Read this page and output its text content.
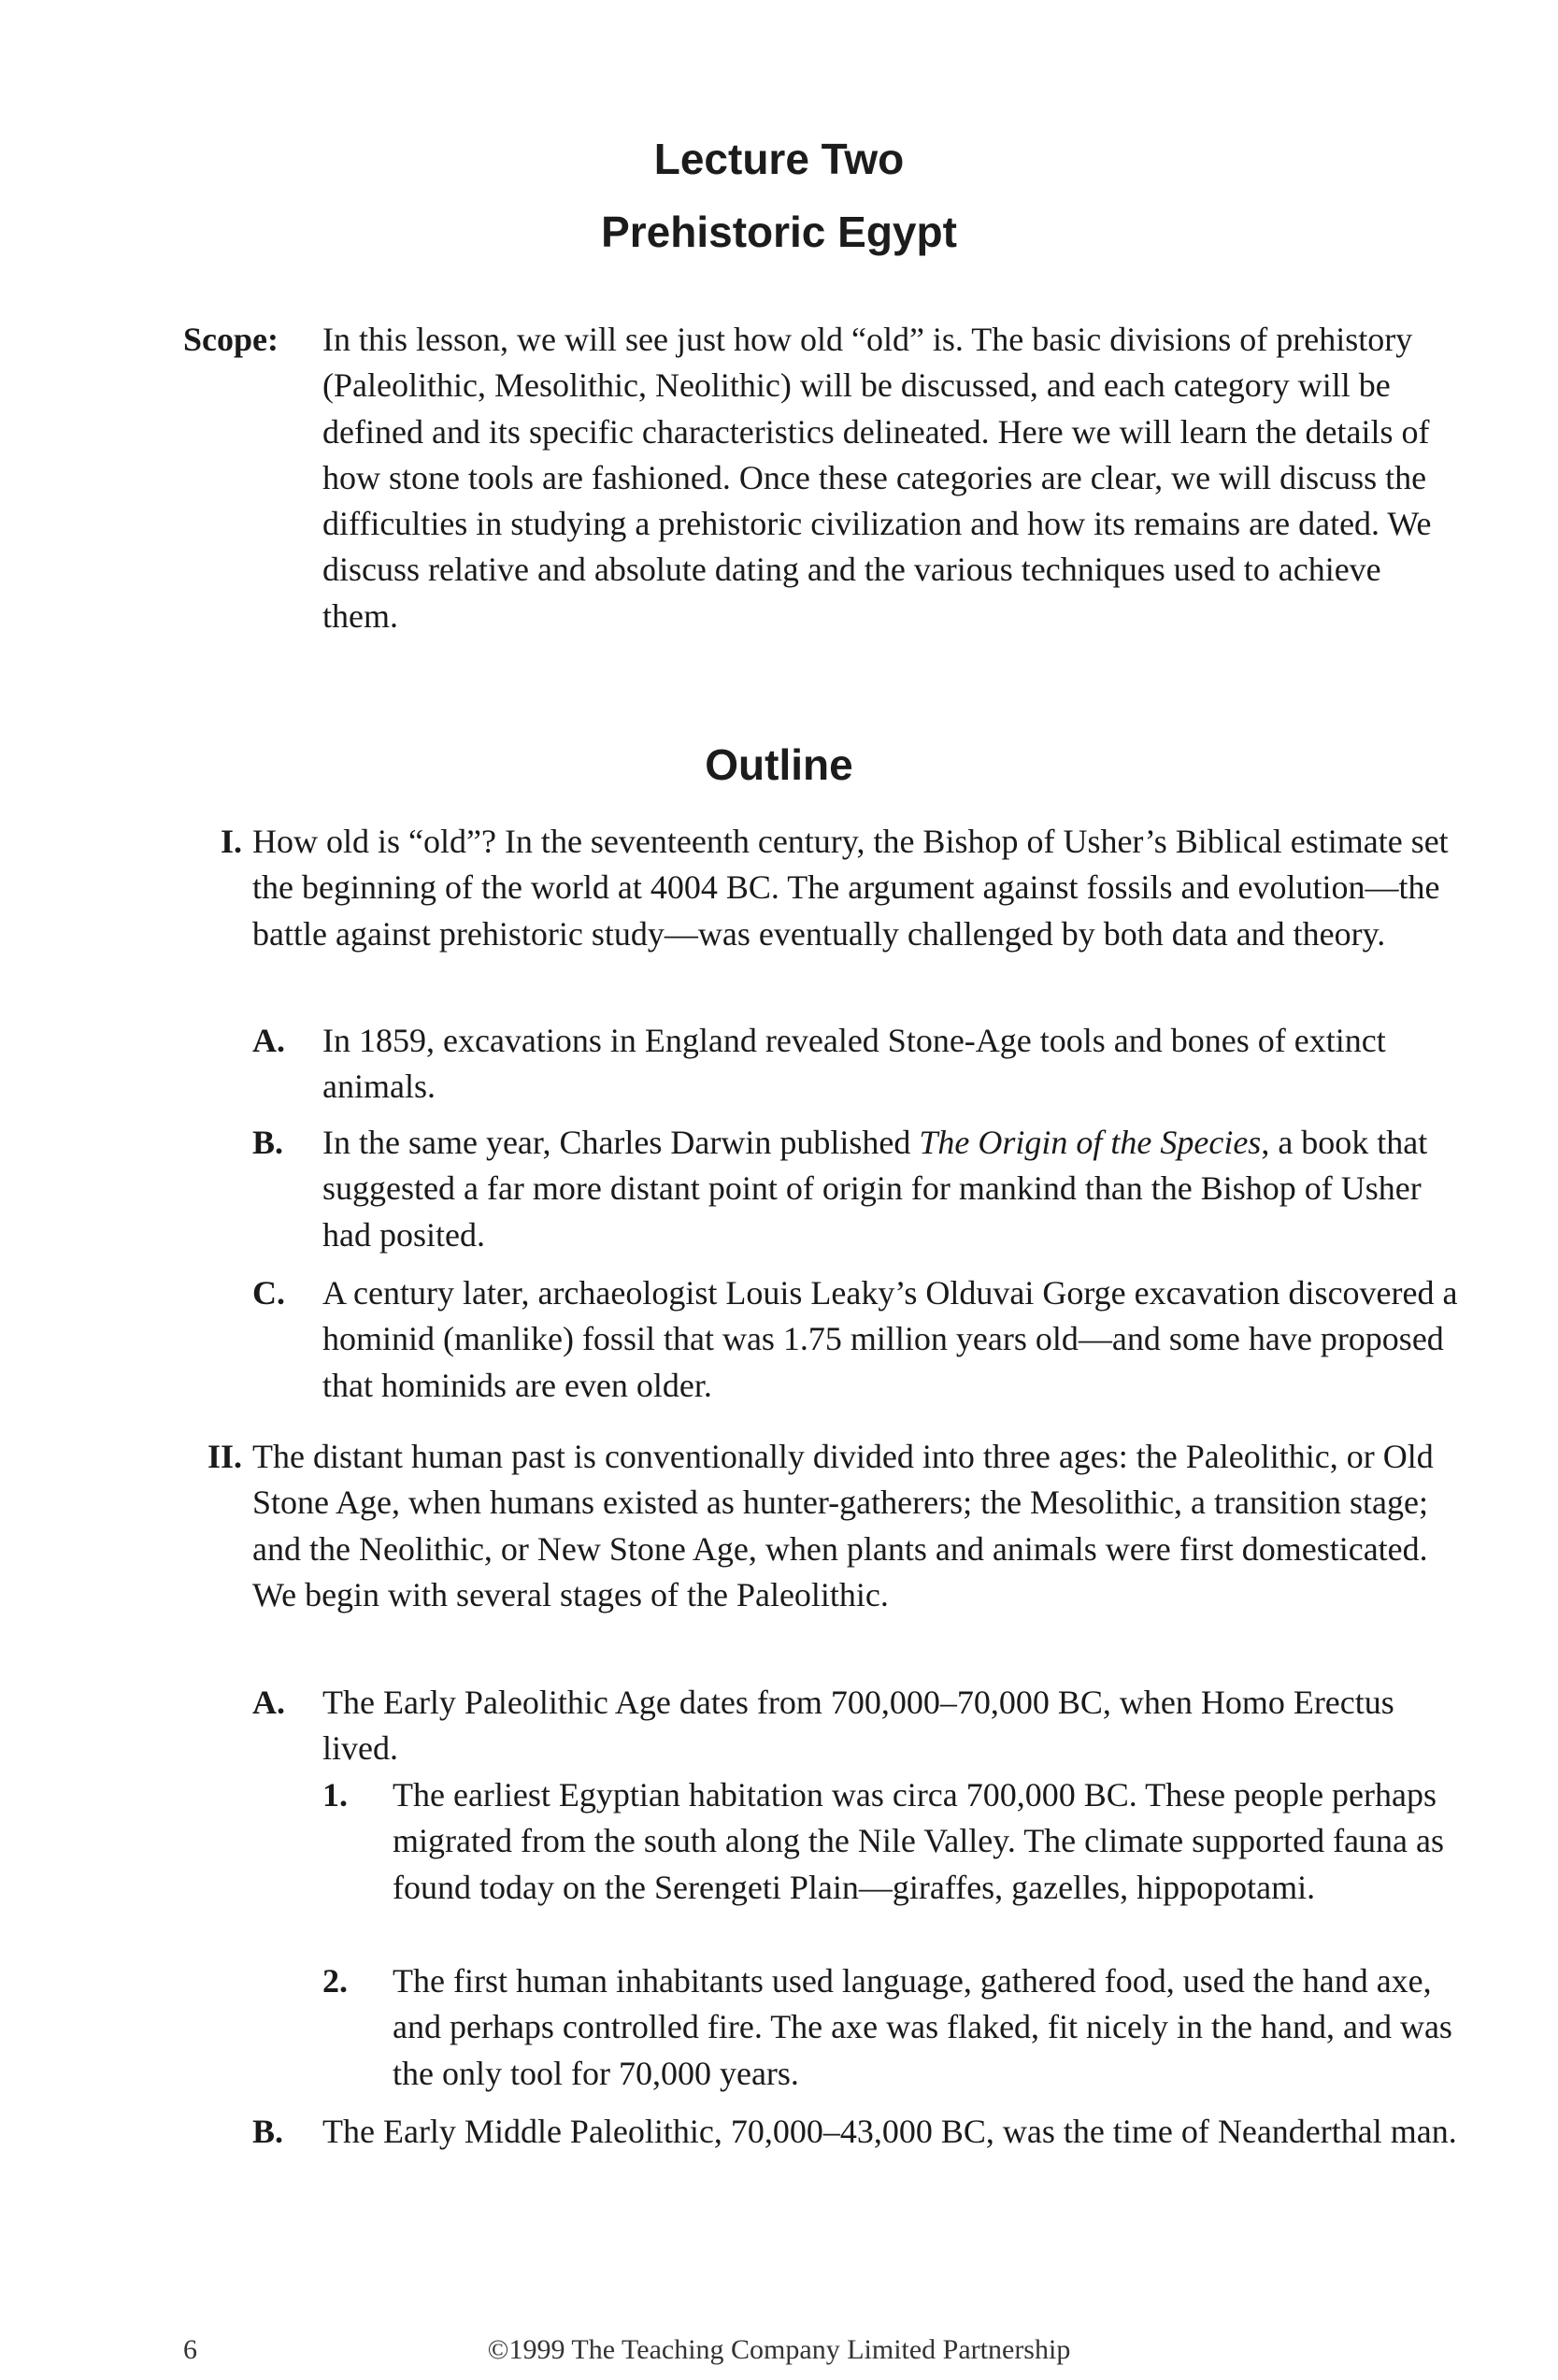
Lecture Two
Prehistoric Egypt
Scope: In this lesson, we will see just how old “old” is. The basic divisions of prehistory (Paleolithic, Mesolithic, Neolithic) will be discussed, and each category will be defined and its specific characteristics delineated. Here we will learn the details of how stone tools are fashioned. Once these categories are clear, we will discuss the difficulties in studying a prehistoric civilization and how its remains are dated. We discuss relative and absolute dating and the various techniques used to achieve them.
Outline
I. How old is “old”? In the seventeenth century, the Bishop of Usher’s Biblical estimate set the beginning of the world at 4004 BC. The argument against fossils and evolution—the battle against prehistoric study—was eventually challenged by both data and theory.
A. In 1859, excavations in England revealed Stone-Age tools and bones of extinct animals.
B. In the same year, Charles Darwin published The Origin of the Species, a book that suggested a far more distant point of origin for mankind than the Bishop of Usher had posited.
C. A century later, archaeologist Louis Leaky’s Olduvai Gorge excavation discovered a hominid (manlike) fossil that was 1.75 million years old—and some have proposed that hominids are even older.
II. The distant human past is conventionally divided into three ages: the Paleolithic, or Old Stone Age, when humans existed as hunter-gatherers; the Mesolithic, a transition stage; and the Neolithic, or New Stone Age, when plants and animals were first domesticated. We begin with several stages of the Paleolithic.
A. The Early Paleolithic Age dates from 700,000–70,000 BC, when Homo Erectus lived.
1. The earliest Egyptian habitation was circa 700,000 BC. These people perhaps migrated from the south along the Nile Valley. The climate supported fauna as found today on the Serengeti Plain—giraffes, gazelles, hippopotami.
2. The first human inhabitants used language, gathered food, used the hand axe, and perhaps controlled fire. The axe was flaked, fit nicely in the hand, and was the only tool for 70,000 years.
B. The Early Middle Paleolithic, 70,000–43,000 BC, was the time of Neanderthal man.
6	©1999 The Teaching Company Limited Partnership
